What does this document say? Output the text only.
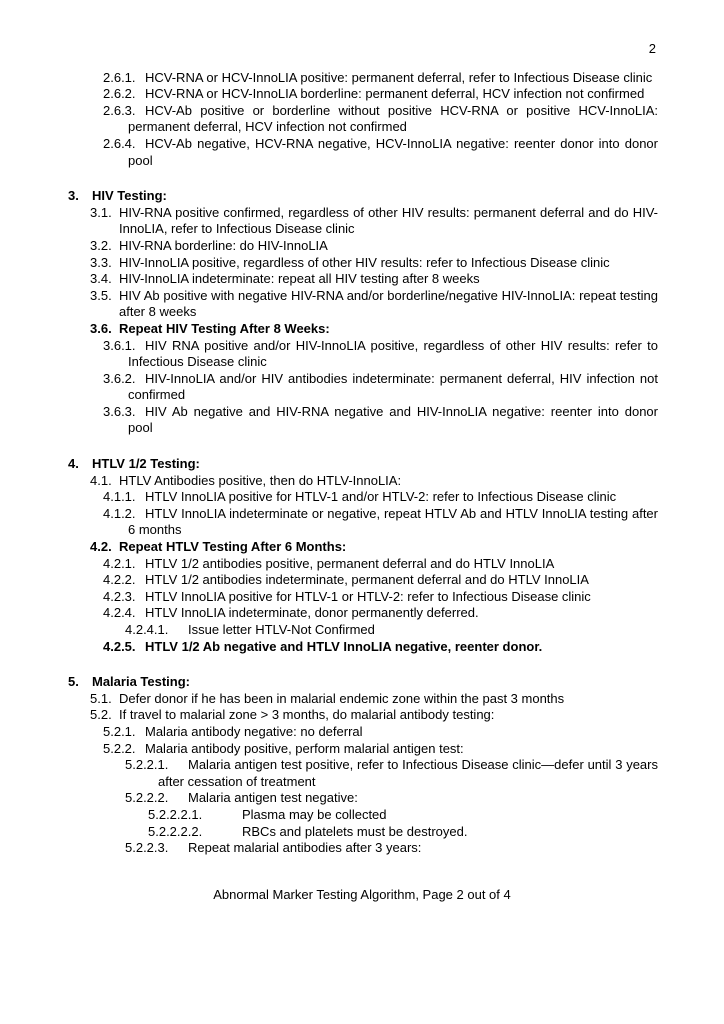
2
2.6.1. HCV-RNA or HCV-InnoLIA positive: permanent deferral, refer to Infectious Disease clinic
2.6.2. HCV-RNA or HCV-InnoLIA borderline: permanent deferral, HCV infection not confirmed
2.6.3. HCV-Ab positive or borderline without positive HCV-RNA or positive HCV-InnoLIA: permanent deferral, HCV infection not confirmed
2.6.4. HCV-Ab negative, HCV-RNA negative, HCV-InnoLIA negative: reenter donor into donor pool
3. HIV Testing:
3.1. HIV-RNA positive confirmed, regardless of other HIV results: permanent deferral and do HIV-InnoLIA, refer to Infectious Disease clinic
3.2. HIV-RNA borderline: do HIV-InnoLIA
3.3. HIV-InnoLIA positive, regardless of other HIV results: refer to Infectious Disease clinic
3.4. HIV-InnoLIA indeterminate: repeat all HIV testing after 8 weeks
3.5. HIV Ab positive with negative HIV-RNA and/or borderline/negative HIV-InnoLIA: repeat testing after 8 weeks
3.6. Repeat HIV Testing After 8 Weeks:
3.6.1. HIV RNA positive and/or HIV-InnoLIA positive, regardless of other HIV results: refer to Infectious Disease clinic
3.6.2. HIV-InnoLIA and/or HIV antibodies indeterminate: permanent deferral, HIV infection not confirmed
3.6.3. HIV Ab negative and HIV-RNA negative and HIV-InnoLIA negative: reenter into donor pool
4. HTLV 1/2 Testing:
4.1. HTLV Antibodies positive, then do HTLV-InnoLIA:
4.1.1. HTLV InnoLIA positive for HTLV-1 and/or HTLV-2: refer to Infectious Disease clinic
4.1.2. HTLV InnoLIA indeterminate or negative, repeat HTLV Ab and HTLV InnoLIA testing after 6 months
4.2. Repeat HTLV Testing After 6 Months:
4.2.1. HTLV 1/2 antibodies positive, permanent deferral and do HTLV InnoLIA
4.2.2. HTLV 1/2 antibodies indeterminate, permanent deferral and do HTLV InnoLIA
4.2.3. HTLV InnoLIA positive for HTLV-1 or HTLV-2: refer to Infectious Disease clinic
4.2.4. HTLV InnoLIA indeterminate, donor permanently deferred.
4.2.4.1. Issue letter HTLV-Not Confirmed
4.2.5. HTLV 1/2 Ab negative and HTLV InnoLIA negative, reenter donor.
5. Malaria Testing:
5.1. Defer donor if he has been in malarial endemic zone within the past 3 months
5.2. If travel to malarial zone > 3 months, do malarial antibody testing:
5.2.1. Malaria antibody negative: no deferral
5.2.2. Malaria antibody positive, perform malarial antigen test:
5.2.2.1. Malaria antigen test positive, refer to Infectious Disease clinic—defer until 3 years after cessation of treatment
5.2.2.2. Malaria antigen test negative:
5.2.2.2.1.	Plasma may be collected
5.2.2.2.2.	RBCs and platelets must be destroyed.
5.2.2.3. Repeat malarial antibodies after 3 years:
Abnormal Marker Testing Algorithm, Page 2 out of 4
